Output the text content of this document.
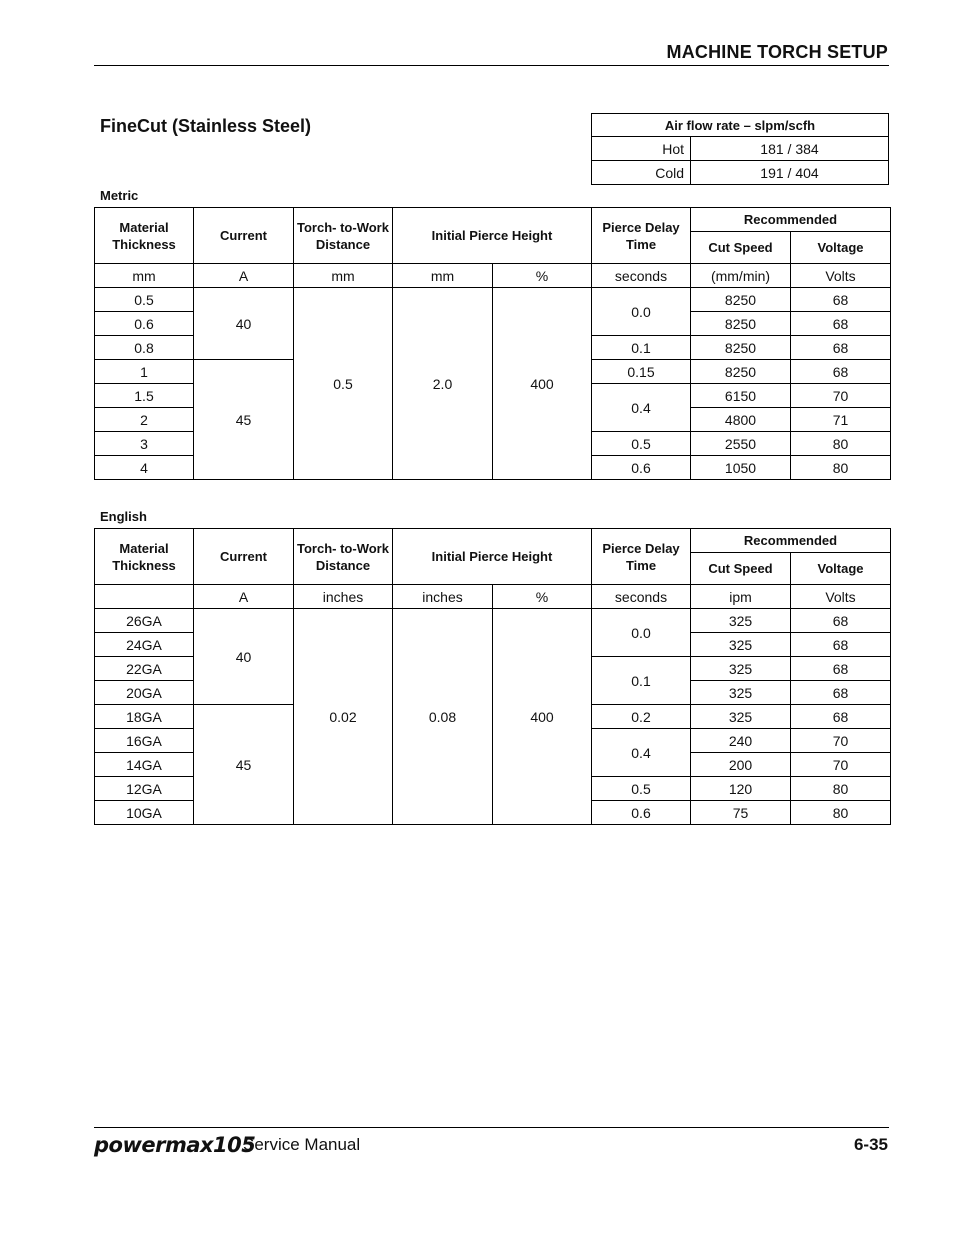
MACHINE TORCH SETUP
FineCut (Stainless Steel)	Air flow rate – slpm/scfh	
Hot	181 / 384
Cold	191 / 404
Metric
Material Thickness	Current	Torch- to-Work Distance	Initial Pierce Height		Pierce Delay Time	Recommended	
						Cut Speed	Voltage
mm	A	mm	mm	%	seconds	(mm/min)	Volts
0.5	40	0.5	2.0	400	0.0	8250	68
0.6						8250	68
0.8					0.1	8250	68
1	45				0.15	8250	68
1.5					0.4	6150	70
2						4800	71
3					0.5	2550	80
4					0.6	1050	80
English
Material Thickness	Current	Torch- to-Work Distance	Initial Pierce Height		Pierce Delay Time	Recommended	
						Cut Speed	Voltage
	A	inches	inches	%	seconds	ipm	Volts
26GA	40	0.02	0.08	400	0.0	325	68
24GA						325	68
22GA					0.1	325	68
20GA						325	68
18GA	45				0.2	325	68
16GA					0.4	240	70
14GA						200	70
12GA					0.5	120	80
10GA					0.6	75	80
powermax105
Service Manual	6-35
